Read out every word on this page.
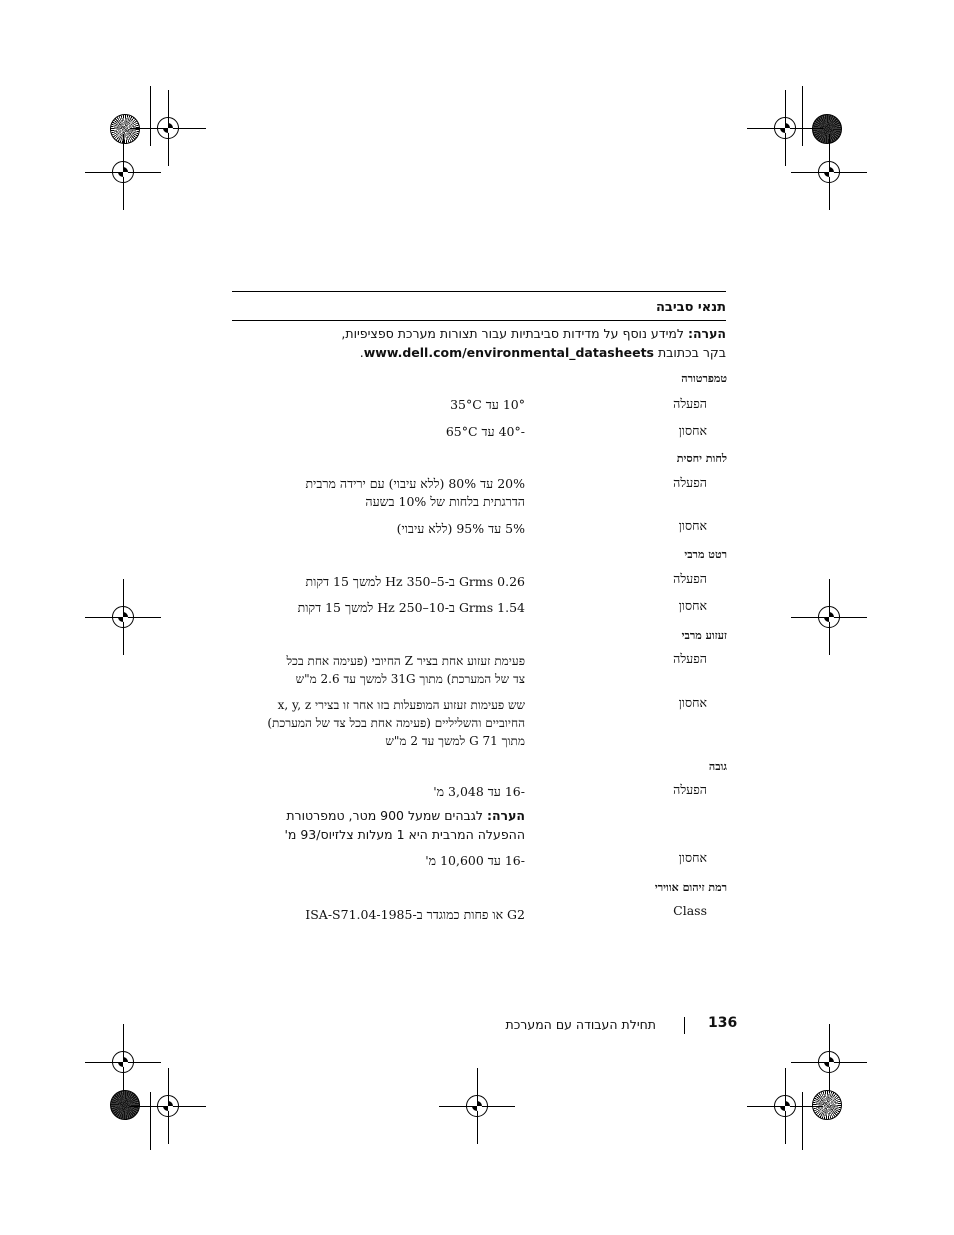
תנאי סביבה
הערה: למידע נוסף על מדידות סביבתיות עבור תצורות מערכת ספציפיות,
בקר בכתובת www.dell.com/environmental_datasheets.
טמפרטורה
הפעלה
10° עד 35°C
אחסון
-40° עד 65°C
לחות יחסית
הפעלה
20% עד 80% (ללא עיבוי) עם ירידה מרבית
הדרגתית בלחות של 10% בשעה
אחסון
5% עד 95% (ללא עיבוי)
רטט מרבי
הפעלה
0.26 Grms ב-5–350 Hz למשך 15 דקות
אחסון
1.54 Grms ב-10–250 Hz למשך 15 דקות
זעזוע מרבי
הפעלה
פעימת זעזוע אחת בציר Z החיובי (פעימה אחת בכל
צד של המערכת) מתוך 31G למשך עד 2.6 מ"ש
אחסון
שש פעימות זעזוע המופעלות בזו אחר זו בצירי x, y, z
החיוביים והשליליים (פעימה אחת בכל צד של המערכת)
מתוך 71 G למשך עד 2 מ"ש
גובה
הפעלה
-16 עד 3,048 מ'
הערה: לגבהים שמעל 900 מטר, טמפרטורת
ההפעלה המרבית היא 1 מעלות צלזיוס/93 מ'
אחסון
-16 עד 10,600 מ'
רמת זיהום אווירי
Class
G2 או פחות כמוגדר ב-ISA-S71.04-1985
תחילת העבודה עם המערכת	136
